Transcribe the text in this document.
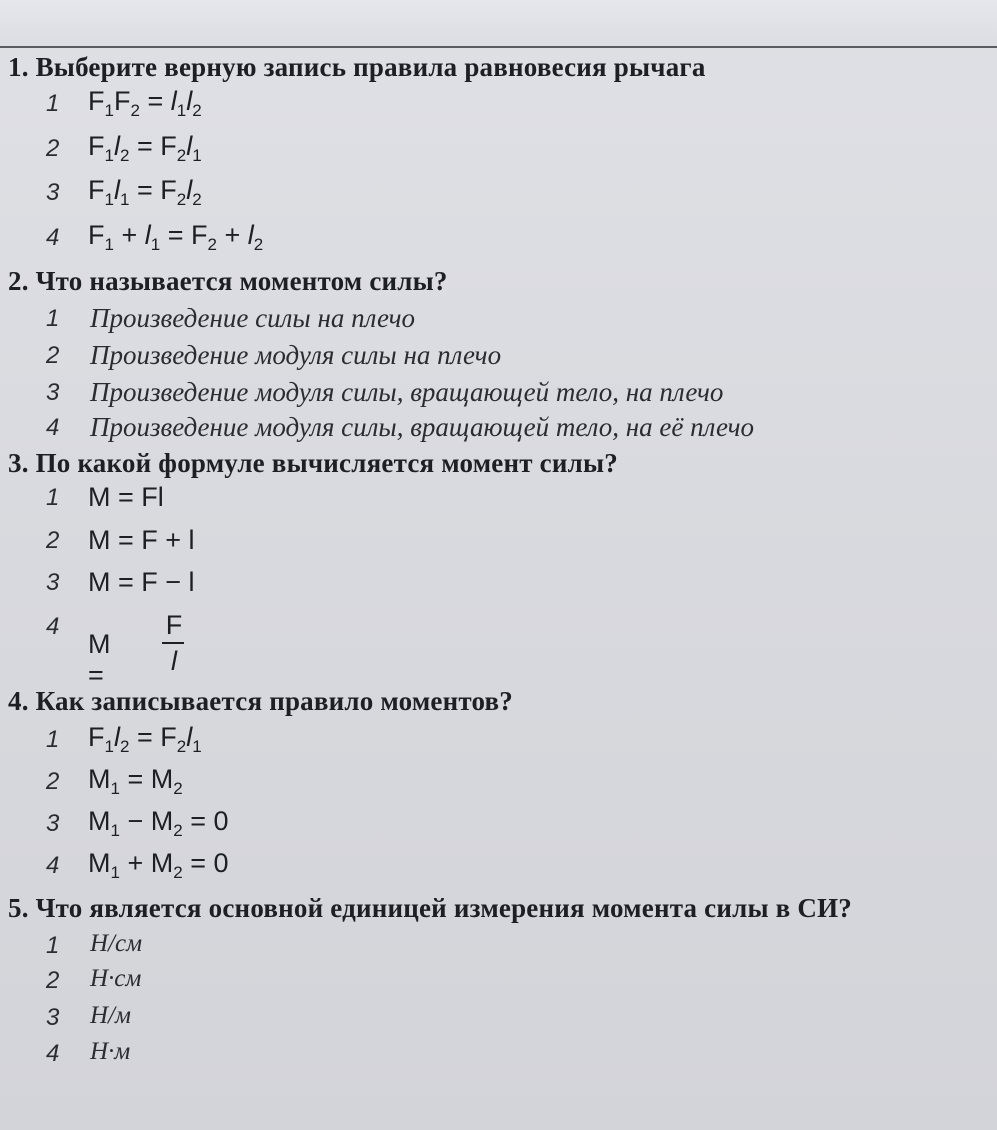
1. Выберите верную запись правила равновесия рычага
1 $F_1F_2 = l_1l_2$
2 $F_1l_2 = F_2l_1$
3 $F_1l_1 = F_2l_2$
4 $F_1 + l_1 = F_2 + l_2$
2. Что называется моментом силы?
1 Произведение силы на плечо
2 Произведение модуля силы на плечо
3 Произведение модуля силы, вращающей тело, на плечо
4 Произведение модуля силы, вращающей тело, на её плечо
3. По какой формуле вычисляется момент силы?
1 M = Fl
2 M = F + l
3 M = F − l
4
M =
F
l
4. Как записывается правило моментов?
1 $F_1l_2 = F_2l_1$
2 $M_1 = M_2$
3 $M_1 - M_2 = 0$
4 $M_1 + M_2 = 0$
5. Что является основной единицей измерения момента силы в СИ?
1 Н/см
2 Н·см
3 Н/м
4 Н·м
